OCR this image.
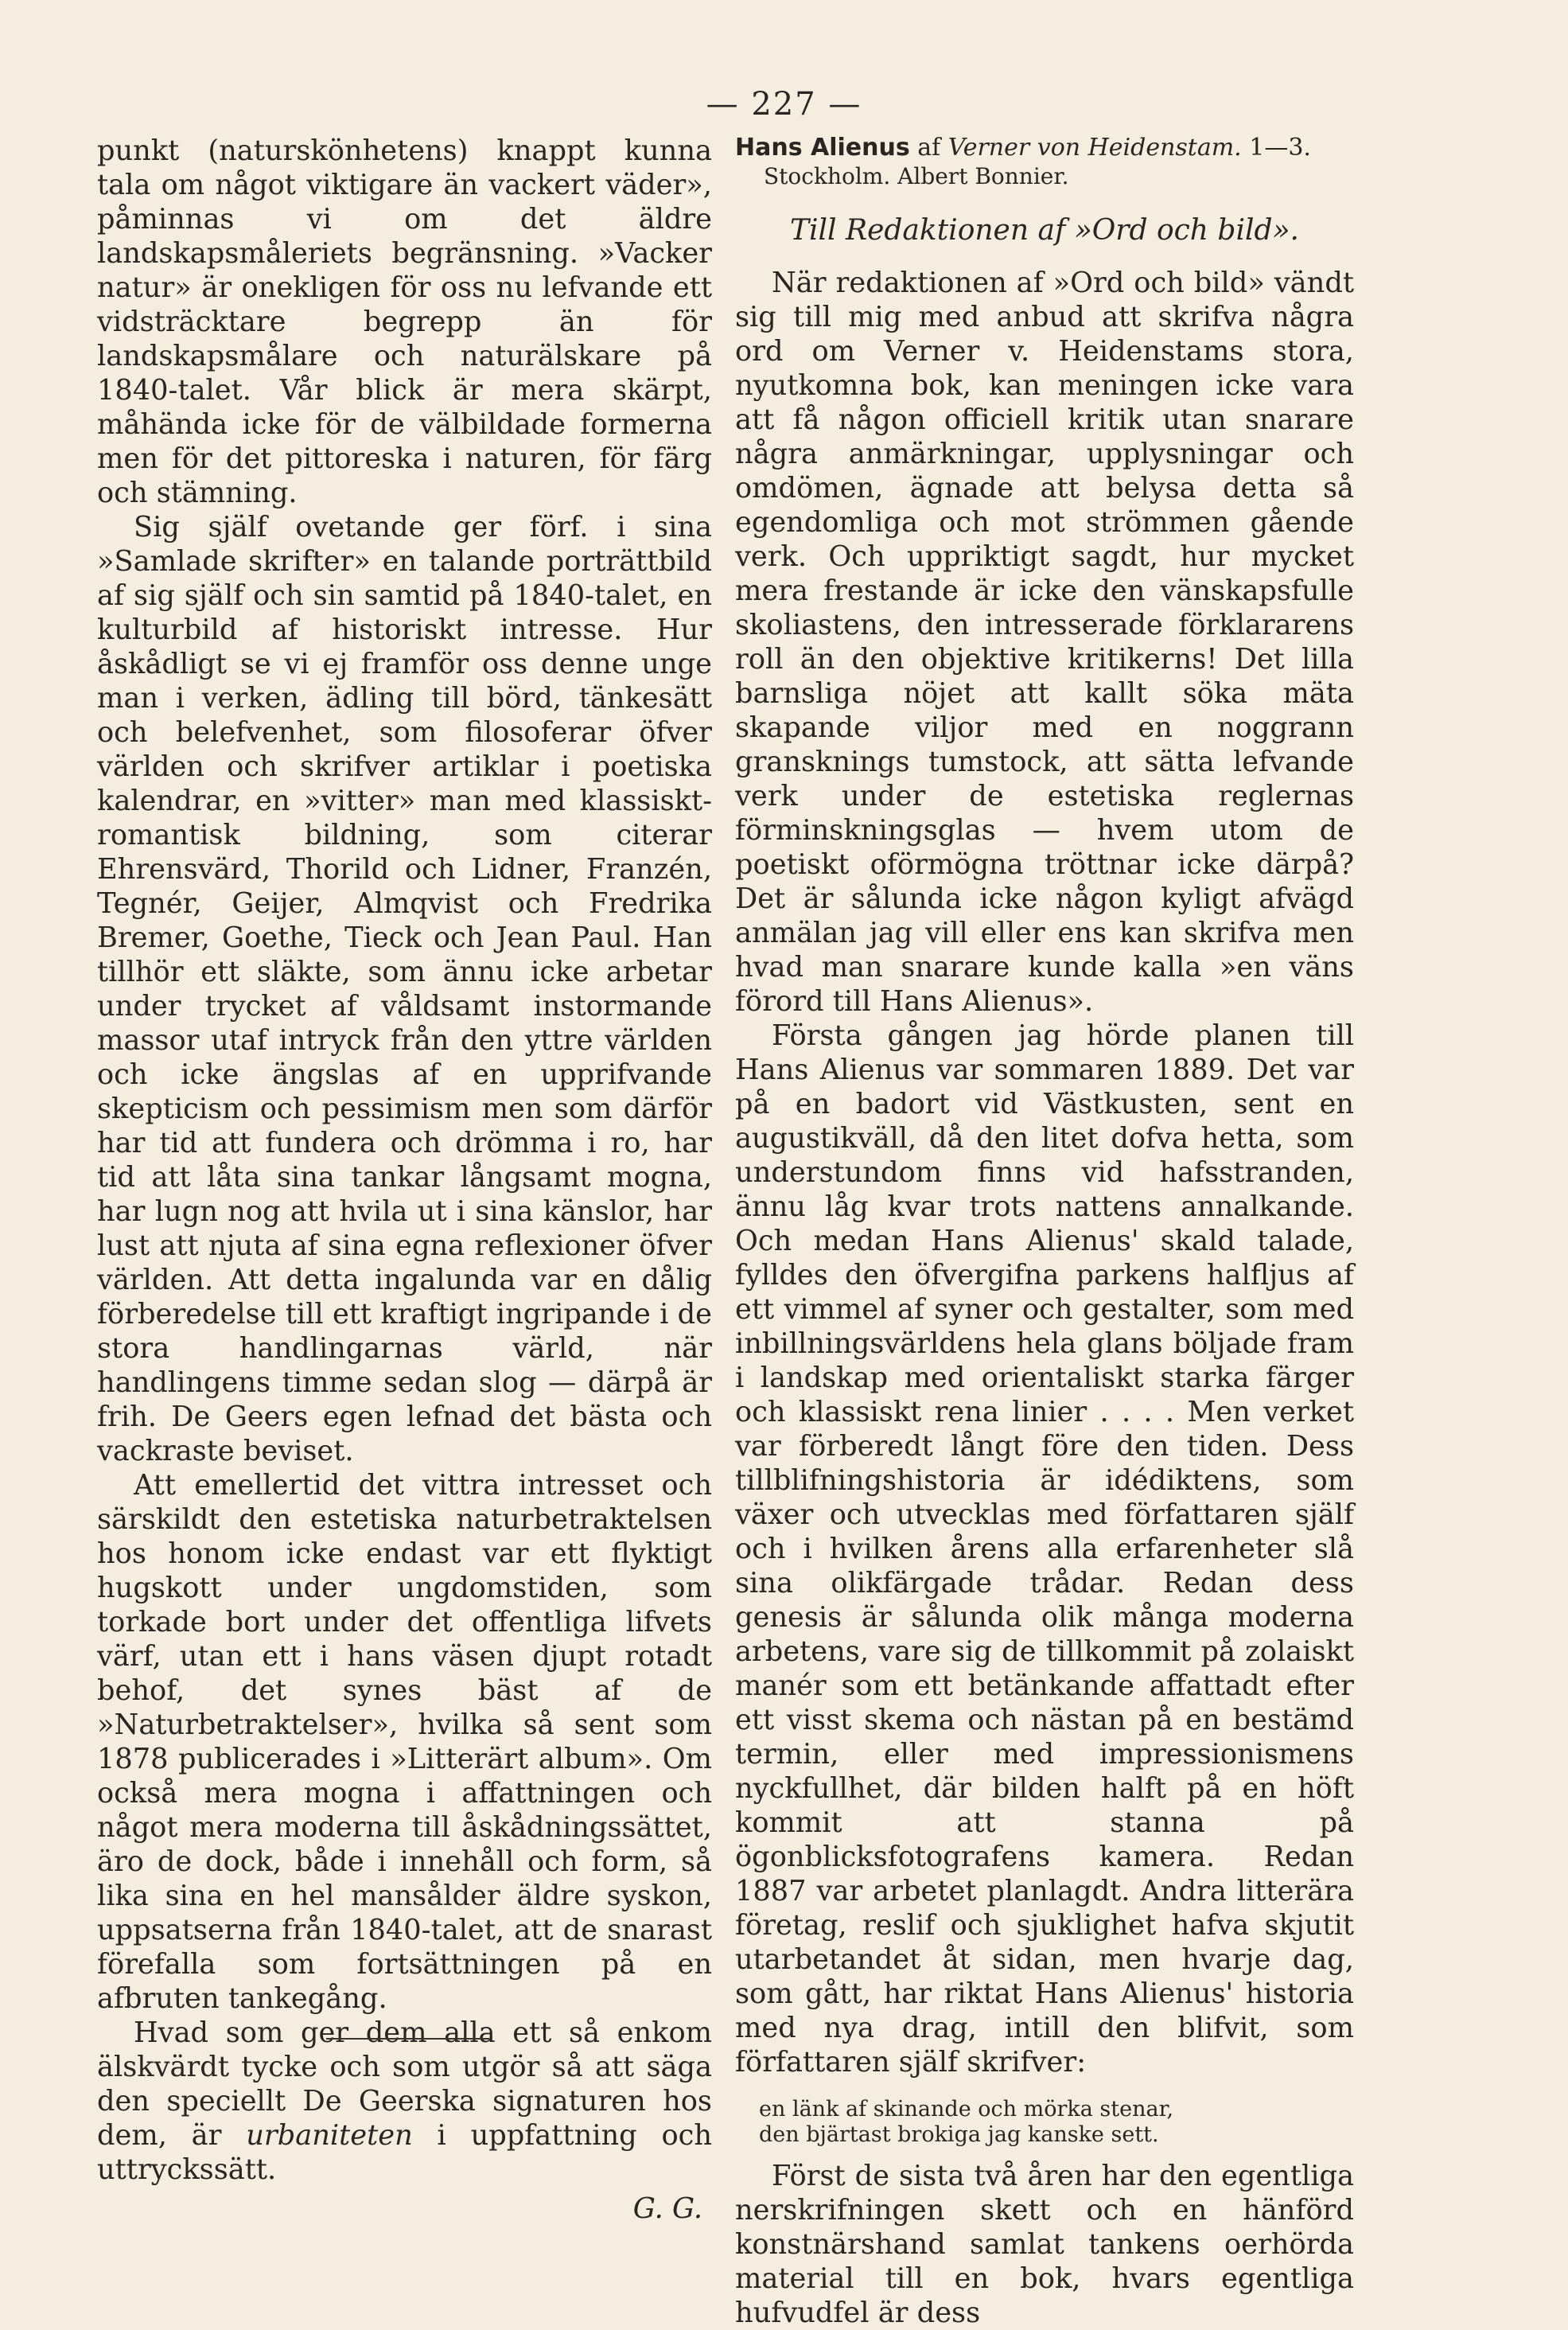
— 227 —

punkt (naturskönhetens) knappt kunna tala om något viktigare än vackert väder», påminnas vi om det äldre landskapsmåleriets begränsning. »Vacker natur» är onekligen för oss nu lefvande ett vidsträcktare begrepp än för landskapsmålare och naturälskare på 1840-talet. Vår blick är mera skärpt, måhända icke för de välbildade formerna men för det pittoreska i naturen, för färg och stämning.

Sig själf ovetande ger förf. i sina »Samlade skrifter» en talande porträttbild af sig själf och sin samtid på 1840-talet, en kulturbild af historiskt intresse. Hur åskådligt se vi ej framför oss denne unge man i verken, ädling till börd, tänkesätt och belefvenhet, som filosoferar öfver världen och skrifver artiklar i poetiska kalendrar, en »vitter» man med klassiskt-romantisk bildning, som citerar Ehrensvärd, Thorild och Lidner, Franzén, Tegnér, Geijer, Almqvist och Fredrika Bremer, Goethe, Tieck och Jean Paul. Han tillhör ett släkte, som ännu icke arbetar under trycket af våldsamt instormande massor utaf intryck från den yttre världen och icke ängslas af en upprifvande skepticism och pessimism men som därför har tid att fundera och drömma i ro, har tid att låta sina tankar långsamt mogna, har lugn nog att hvila ut i sina känslor, har lust att njuta af sina egna reflexioner öfver världen. Att detta ingalunda var en dålig förberedelse till ett kraftigt ingripande i de stora handlingarnas värld, när handlingens timme sedan slog — därpå är frih. De Geers egen lefnad det bästa och vackraste beviset.

Att emellertid det vittra intresset och särskildt den estetiska naturbetraktelsen hos honom icke endast var ett flyktigt hugskott under ungdomstiden, som torkade bort under det offentliga lifvets värf, utan ett i hans väsen djupt rotadt behof, det synes bäst af de »Naturbetraktelser», hvilka så sent som 1878 publicerades i »Litterärt album». Om också mera mogna i affattningen och något mera moderna till åskådningssättet, äro de dock, både i innehåll och form, så lika sina en hel mansålder äldre syskon, uppsatserna från 1840-talet, att de snarast förefalla som fortsättningen på en afbruten tankegång.

Hvad som ger dem alla ett så enkom älskvärdt tycke och som utgör så att säga den speciellt De Geerska signaturen hos dem, är urbaniteten i uppfattning och uttryckssätt.

G. G.

Hans Alienus af Verner von Heidenstam. 1—3.
Stockholm. Albert Bonnier.

Till Redaktionen af »Ord och bild».

När redaktionen af »Ord och bild» vändt sig till mig med anbud att skrifva några ord om Verner v. Heidenstams stora, nyutkomna bok, kan meningen icke vara att få någon officiell kritik utan snarare några anmärkningar, upplysningar och omdömen, ägnade att belysa detta så egendomliga och mot strömmen gående verk. Och uppriktigt sagdt, hur mycket mera frestande är icke den vänskapsfulle skoliastens, den intresserade förklararens roll än den objektive kritikerns! Det lilla barnsliga nöjet att kallt söka mäta skapande viljor med en noggrann gransknings tumstock, att sätta lefvande verk under de estetiska reglernas förminskningsglas — hvem utom de poetiskt oförmögna tröttnar icke därpå? Det är sålunda icke någon kyligt afvägd anmälan jag vill eller ens kan skrifva men hvad man snarare kunde kalla »en väns förord till Hans Alienus».

Första gången jag hörde planen till Hans Alienus var sommaren 1889. Det var på en badort vid Västkusten, sent en augustikväll, då den litet dofva hetta, som understundom finns vid hafsstranden, ännu låg kvar trots nattens annalkande. Och medan Hans Alienus' skald talade, fylldes den öfvergifna parkens halfljus af ett vimmel af syner och gestalter, som med inbillningsvärldens hela glans böljade fram i landskap med orientaliskt starka färger och klassiskt rena linier . . . . Men verket var förberedt långt före den tiden. Dess tillblifningshistoria är idédiktens, som växer och utvecklas med författaren själf och i hvilken årens alla erfarenheter slå sina olikfärgade trådar. Redan dess genesis är sålunda olik många moderna arbetens, vare sig de tillkommit på zolaiskt manér som ett betänkande affattadt efter ett visst skema och nästan på en bestämd termin, eller med impressionismens nyckfullhet, där bilden halft på en höft kommit att stanna på ögonblicksfotografens kamera. Redan 1887 var arbetet planlagdt. Andra litterära företag, reslif och sjuklighet hafva skjutit utarbetandet åt sidan, men hvarje dag, som gått, har riktat Hans Alienus' historia med nya drag, intill den blifvit, som författaren själf skrifver:

en länk af skinande och mörka stenar,
den bjärtast brokiga jag kanske sett.

Först de sista två åren har den egentliga nerskrifningen skett och en hänförd konstnärshand samlat tankens oerhörda material till en bok, hvars egentliga hufvudfel är dess
